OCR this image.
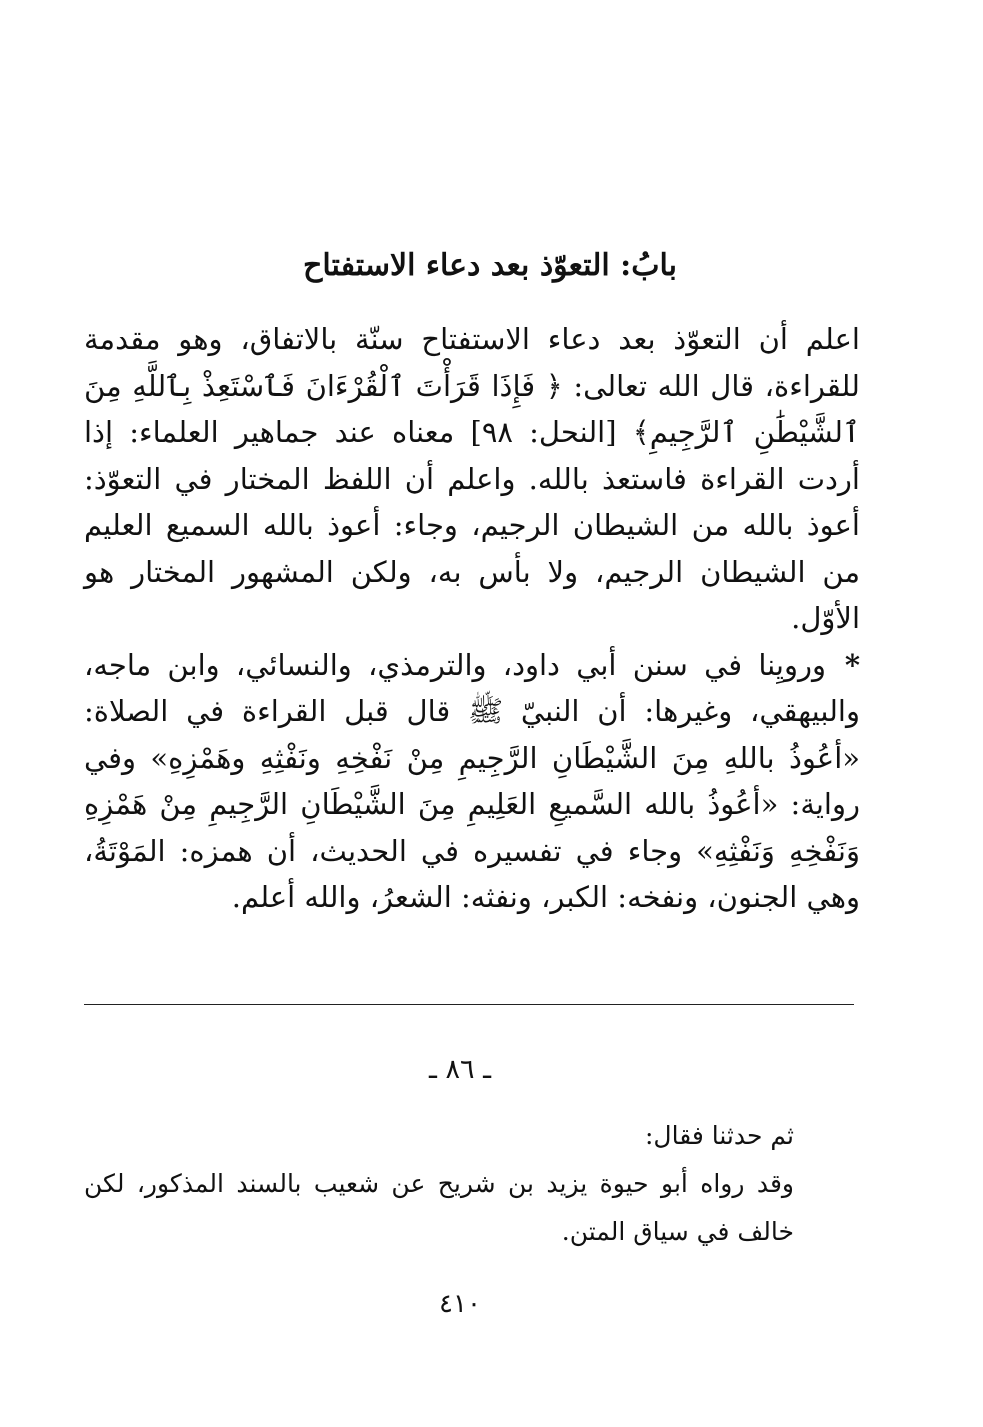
بابُ: التعوّذ بعد دعاء الاستفتاح

اعلم أن التعوّذ بعد دعاء الاستفتاح سنّة بالاتفاق، وهو مقدمة للقراءة، قال الله تعالى: ﴿ فَإِذَا قَرَأْتَ ٱلْقُرْءَانَ فَٱسْتَعِذْ بِٱللَّهِ مِنَ ٱلشَّيْطَٰنِ ٱلرَّجِيمِ﴾ [النحل: ٩٨] معناه عند جماهير العلماء: إذا أردت القراءة فاستعذ بالله. واعلم أن اللفظ المختار في التعوّذ: أعوذ بالله من الشيطان الرجيم، وجاء: أعوذ بالله السميع العليم من الشيطان الرجيم، ولا بأس به، ولكن المشهور المختار هو الأوّل.

*ورويِنا في سنن أبي داود، والترمذي، والنسائي، وابن ماجه، والبيهقي، وغيرها: أن النبيّ ﷺ قال قبل القراءة في الصلاة: «أعُوذُ باللهِ مِنَ الشَّيْطَانِ الرَّجِيمِ مِنْ نَفْخِهِ ونَفْثِهِ وهَمْزِهِ» وفي رواية: «أعُوذُ بالله السَّميعِ العَلِيمِ مِنَ الشَّيْطَانِ الرَّجِيمِ مِنْ هَمْزِهِ وَنَفْخِهِ وَنَفْثِهِ» وجاء في تفسيره في الحديث، أن همزه: المَوْتَةُ، وهي الجنون، ونفخه: الكبر، ونفثه: الشعرُ، والله أعلم.

ـ ٨٦ ـ

ثم حدثنا فقال:

وقد رواه أبو حيوة يزيد بن شريح عن شعيب بالسند المذكور، لكن خالف في سياق المتن.

٤١٠
